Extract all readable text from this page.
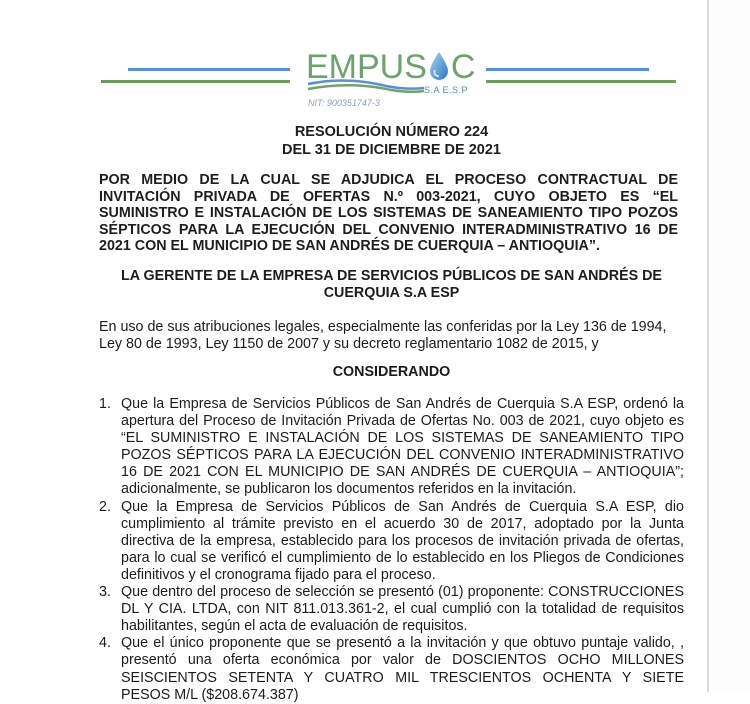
EMPUS C
S.A E.S.P
NIT: 900351747-3
RESOLUCIÓN NÚMERO 224
DEL 31 DE DICIEMBRE DE 2021
POR MEDIO DE LA CUAL SE ADJUDICA EL PROCESO CONTRACTUAL DE
INVITACIÓN PRIVADA DE OFERTAS N.º 003-2021, CUYO OBJETO ES “EL
SUMINISTRO E INSTALACIÓN DE LOS SISTEMAS DE SANEAMIENTO TIPO POZOS
SÉPTICOS PARA LA EJECUCIÓN DEL CONVENIO INTERADMINISTRATIVO 16 DE
2021 CON EL MUNICIPIO DE SAN ANDRÉS DE CUERQUIA – ANTIOQUIA”.
LA GERENTE DE LA EMPRESA DE SERVICIOS PÚBLICOS DE SAN ANDRÉS DE
CUERQUIA S.A ESP
En uso de sus atribuciones legales, especialmente las conferidas por la Ley 136 de 1994,
Ley 80 de 1993, Ley 1150 de 2007 y su decreto reglamentario 1082 de 2015, y
CONSIDERANDO
1. Que la Empresa de Servicios Públicos de San Andrés de Cuerquia S.A ESP, ordenó la
apertura del Proceso de Invitación Privada de Ofertas No. 003 de 2021, cuyo objeto es
“EL SUMINISTRO E INSTALACIÓN DE LOS SISTEMAS DE SANEAMIENTO TIPO
POZOS SÉPTICOS PARA LA EJECUCIÓN DEL CONVENIO INTERADMINISTRATIVO
16 DE 2021 CON EL MUNICIPIO DE SAN ANDRÉS DE CUERQUIA – ANTIOQUIA”;
adicionalmente, se publicaron los documentos referidos en la invitación.
2. Que la Empresa de Servicios Públicos de San Andrés de Cuerquia S.A ESP, dio
cumplimiento al trámite previsto en el acuerdo 30 de 2017, adoptado por la Junta
directiva de la empresa, establecido para los procesos de invitación privada de ofertas,
para lo cual se verificó el cumplimiento de lo establecido en los Pliegos de Condiciones
definitivos y el cronograma fijado para el proceso.
3. Que dentro del proceso de selección se presentó (01) proponente: CONSTRUCCIONES
DL Y CIA. LTDA, con NIT 811.013.361-2, el cual cumplió con la totalidad de requisitos
habilitantes, según el acta de evaluación de requisitos.
4. Que el único proponente que se presentó a la invitación y que obtuvo puntaje valido, ,
presentó una oferta económica por valor de DOSCIENTOS OCHO MILLONES
SEISCIENTOS SETENTA Y CUATRO MIL TRESCIENTOS OCHENTA Y SIETE
PESOS M/L ($208.674.387)
